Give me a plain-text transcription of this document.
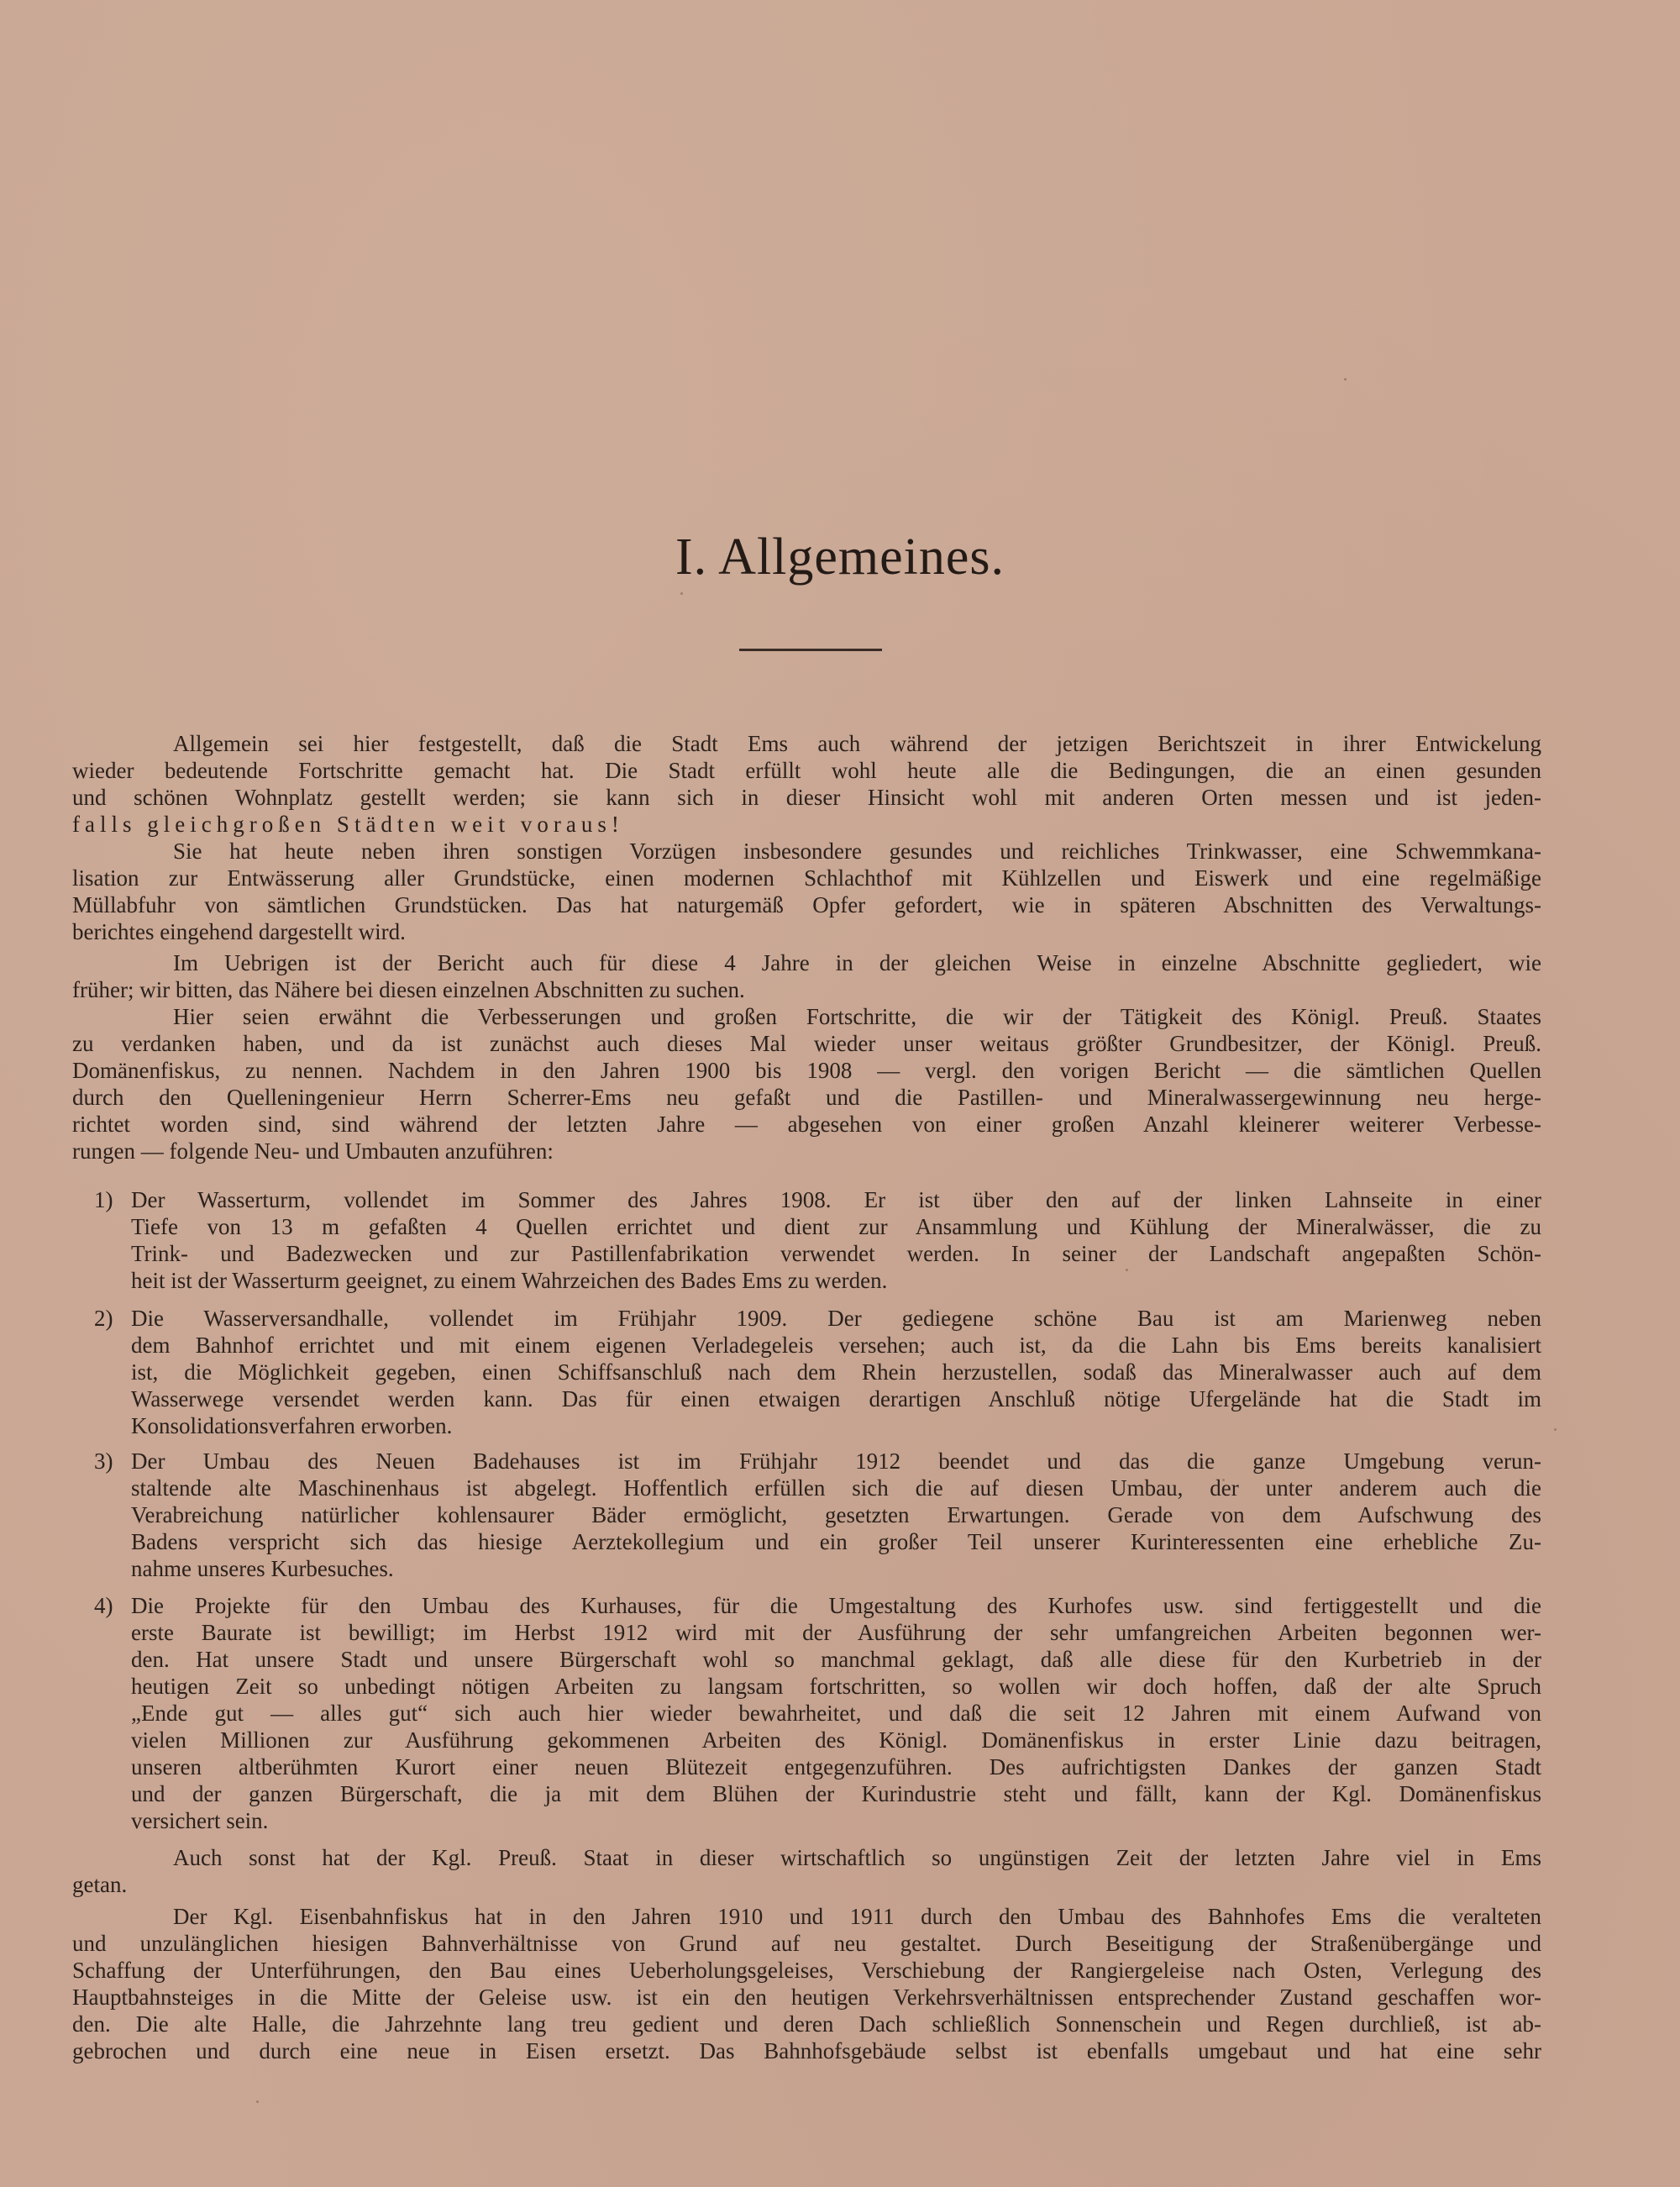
I. Allgemeines.
Allgemein sei hier festgestellt, daß die Stadt Ems auch während der jetzigen Berichtszeit in ihrer Entwickelung
wieder bedeutende Fortschritte gemacht hat. Die Stadt erfüllt wohl heute alle die Bedingungen, die an einen gesunden
und schönen Wohnplatz gestellt werden; sie kann sich in dieser Hinsicht wohl mit anderen Orten messen und ist jeden-
falls gleichgroßen Städten weit voraus!
Sie hat heute neben ihren sonstigen Vorzügen insbesondere gesundes und reichliches Trinkwasser, eine Schwemmkana-
lisation zur Entwässerung aller Grundstücke, einen modernen Schlachthof mit Kühlzellen und Eiswerk und eine regelmäßige
Müllabfuhr von sämtlichen Grundstücken. Das hat naturgemäß Opfer gefordert, wie in späteren Abschnitten des Verwaltungs-
berichtes eingehend dargestellt wird.
Im Uebrigen ist der Bericht auch für diese 4 Jahre in der gleichen Weise in einzelne Abschnitte gegliedert, wie
früher; wir bitten, das Nähere bei diesen einzelnen Abschnitten zu suchen.
Hier seien erwähnt die Verbesserungen und großen Fortschritte, die wir der Tätigkeit des Königl. Preuß. Staates
zu verdanken haben, und da ist zunächst auch dieses Mal wieder unser weitaus größter Grundbesitzer, der Königl. Preuß.
Domänenfiskus, zu nennen. Nachdem in den Jahren 1900 bis 1908 — vergl. den vorigen Bericht — die sämtlichen Quellen
durch den Quelleningenieur Herrn Scherrer-Ems neu gefaßt und die Pastillen- und Mineralwassergewinnung neu herge-
richtet worden sind, sind während der letzten Jahre — abgesehen von einer großen Anzahl kleinerer weiterer Verbesse-
rungen — folgende Neu- und Umbauten anzuführen:
1) Der Wasserturm, vollendet im Sommer des Jahres 1908. Er ist über den auf der linken Lahnseite in einer
Tiefe von 13 m gefaßten 4 Quellen errichtet und dient zur Ansammlung und Kühlung der Mineralwässer, die zu
Trink- und Badezwecken und zur Pastillenfabrikation verwendet werden. In seiner der Landschaft angepaßten Schön-
heit ist der Wasserturm geeignet, zu einem Wahrzeichen des Bades Ems zu werden.
2) Die Wasserversandhalle, vollendet im Frühjahr 1909. Der gediegene schöne Bau ist am Marienweg neben
dem Bahnhof errichtet und mit einem eigenen Verladegeleis versehen; auch ist, da die Lahn bis Ems bereits kanalisiert
ist, die Möglichkeit gegeben, einen Schiffsanschluß nach dem Rhein herzustellen, sodaß das Mineralwasser auch auf dem
Wasserwege versendet werden kann. Das für einen etwaigen derartigen Anschluß nötige Ufergelände hat die Stadt im
Konsolidationsverfahren erworben.
3) Der Umbau des Neuen Badehauses ist im Frühjahr 1912 beendet und das die ganze Umgebung verun-
staltende alte Maschinenhaus ist abgelegt. Hoffentlich erfüllen sich die auf diesen Umbau, der unter anderem auch die
Verabreichung natürlicher kohlensaurer Bäder ermöglicht, gesetzten Erwartungen. Gerade von dem Aufschwung des
Badens verspricht sich das hiesige Aerztekollegium und ein großer Teil unserer Kurinteressenten eine erhebliche Zu-
nahme unseres Kurbesuches.
4) Die Projekte für den Umbau des Kurhauses, für die Umgestaltung des Kurhofes usw. sind fertiggestellt und die
erste Baurate ist bewilligt; im Herbst 1912 wird mit der Ausführung der sehr umfangreichen Arbeiten begonnen wer-
den. Hat unsere Stadt und unsere Bürgerschaft wohl so manchmal geklagt, daß alle diese für den Kurbetrieb in der
heutigen Zeit so unbedingt nötigen Arbeiten zu langsam fortschritten, so wollen wir doch hoffen, daß der alte Spruch
„Ende gut — alles gut“ sich auch hier wieder bewahrheitet, und daß die seit 12 Jahren mit einem Aufwand von
vielen Millionen zur Ausführung gekommenen Arbeiten des Königl. Domänenfiskus in erster Linie dazu beitragen,
unseren altberühmten Kurort einer neuen Blütezeit entgegenzuführen. Des aufrichtigsten Dankes der ganzen Stadt
und der ganzen Bürgerschaft, die ja mit dem Blühen der Kurindustrie steht und fällt, kann der Kgl. Domänenfiskus
versichert sein.
Auch sonst hat der Kgl. Preuß. Staat in dieser wirtschaftlich so ungünstigen Zeit der letzten Jahre viel in Ems
getan.
Der Kgl. Eisenbahnfiskus hat in den Jahren 1910 und 1911 durch den Umbau des Bahnhofes Ems die veralteten
und unzulänglichen hiesigen Bahnverhältnisse von Grund auf neu gestaltet. Durch Beseitigung der Straßenübergänge und
Schaffung der Unterführungen, den Bau eines Ueberholungsgeleises, Verschiebung der Rangiergeleise nach Osten, Verlegung des
Hauptbahnsteiges in die Mitte der Geleise usw. ist ein den heutigen Verkehrsverhältnissen entsprechender Zustand geschaffen wor-
den. Die alte Halle, die Jahrzehnte lang treu gedient und deren Dach schließlich Sonnenschein und Regen durchließ, ist ab-
gebrochen und durch eine neue in Eisen ersetzt. Das Bahnhofsgebäude selbst ist ebenfalls umgebaut und hat eine sehr
